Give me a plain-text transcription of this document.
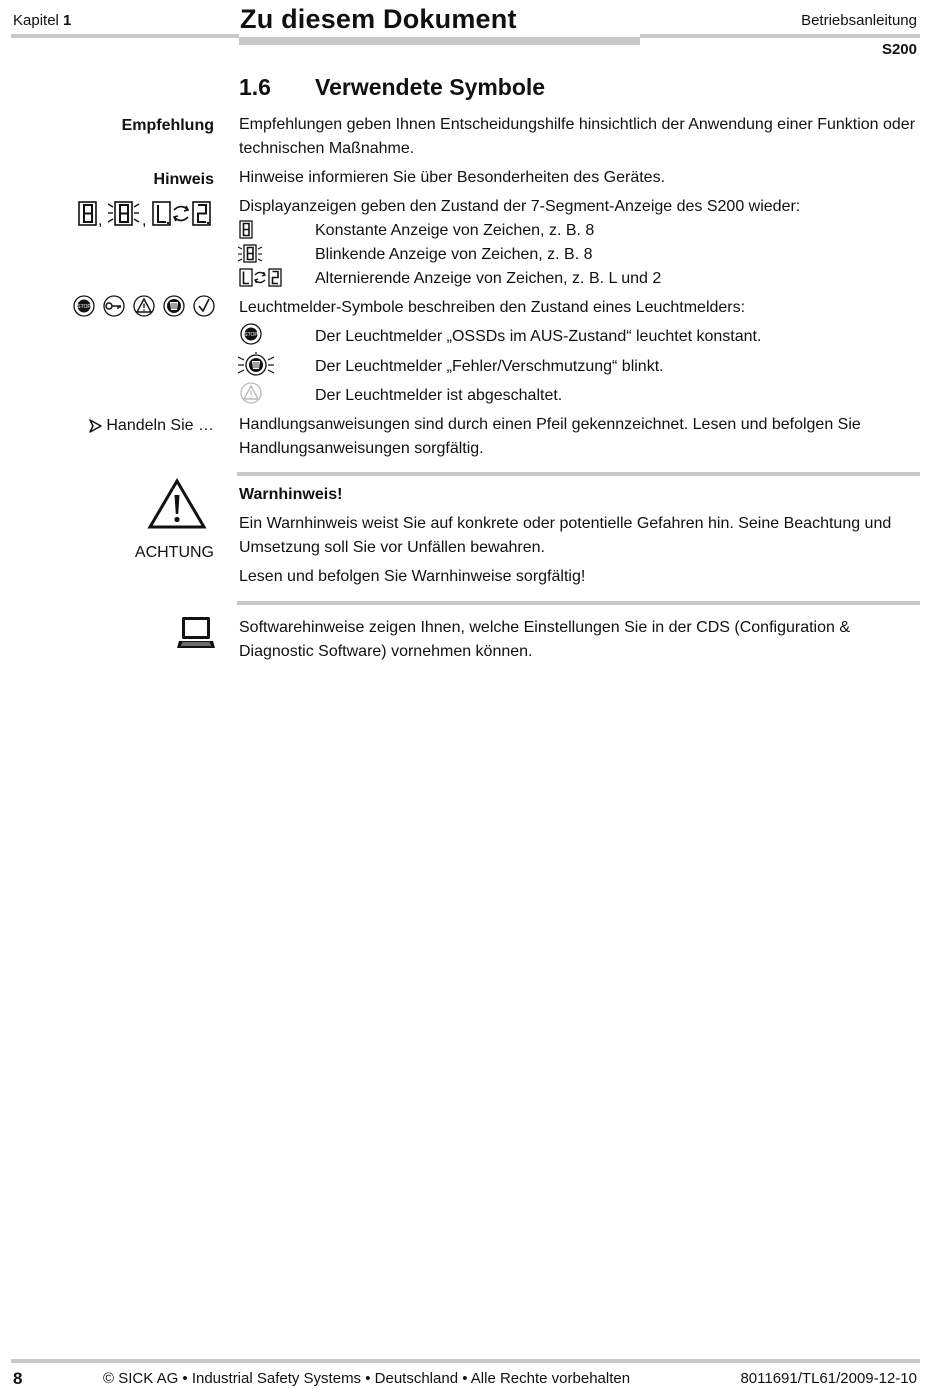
Kapitel 1	Zu diesem Dokument	Betriebsanleitung
S200
1.6 Verwendete Symbole
Empfehlung Empfehlungen geben Ihnen Entscheidungshilfe hinsichtlich der Anwendung einer Funktion oder technischen Maßnahme.
Hinweis Hinweise informieren Sie über Besonderheiten des Gerätes.
, ,
Displayanzeigen geben den Zustand der 7-Segment-Anzeige des S200 wieder:
Konstante Anzeige von Zeichen, z. B. 8
Blinkende Anzeige von Zeichen, z. B. 8
Alternierende Anzeige von Zeichen, z. B. L und 2
STOP	Leuchtmelder-Symbole beschreiben den Zustand eines Leuchtmelders:
STOP	Der Leuchtmelder „OSSDs im AUS-Zustand“ leuchtet konstant.
Der Leuchtmelder „Fehler/Verschmutzung“ blinkt.
Der Leuchtmelder ist abgeschaltet.
Handeln Sie … Handlungsanweisungen sind durch einen Pfeil gekennzeichnet. Lesen und befolgen Sie Handlungsanweisungen sorgfältig.
ACHTUNG
Warnhinweis!
Ein Warnhinweis weist Sie auf konkrete oder potentielle Gefahren hin. Seine Beachtung und Umsetzung soll Sie vor Unfällen bewahren.
Lesen und befolgen Sie Warnhinweise sorgfältig!
Softwarehinweise zeigen Ihnen, welche Einstellungen Sie in der CDS (Configuration & Diagnostic Software) vornehmen können.
8	© SICK AG • Industrial Safety Systems • Deutschland • Alle Rechte vorbehalten	8011691/TL61/2009-12-10
